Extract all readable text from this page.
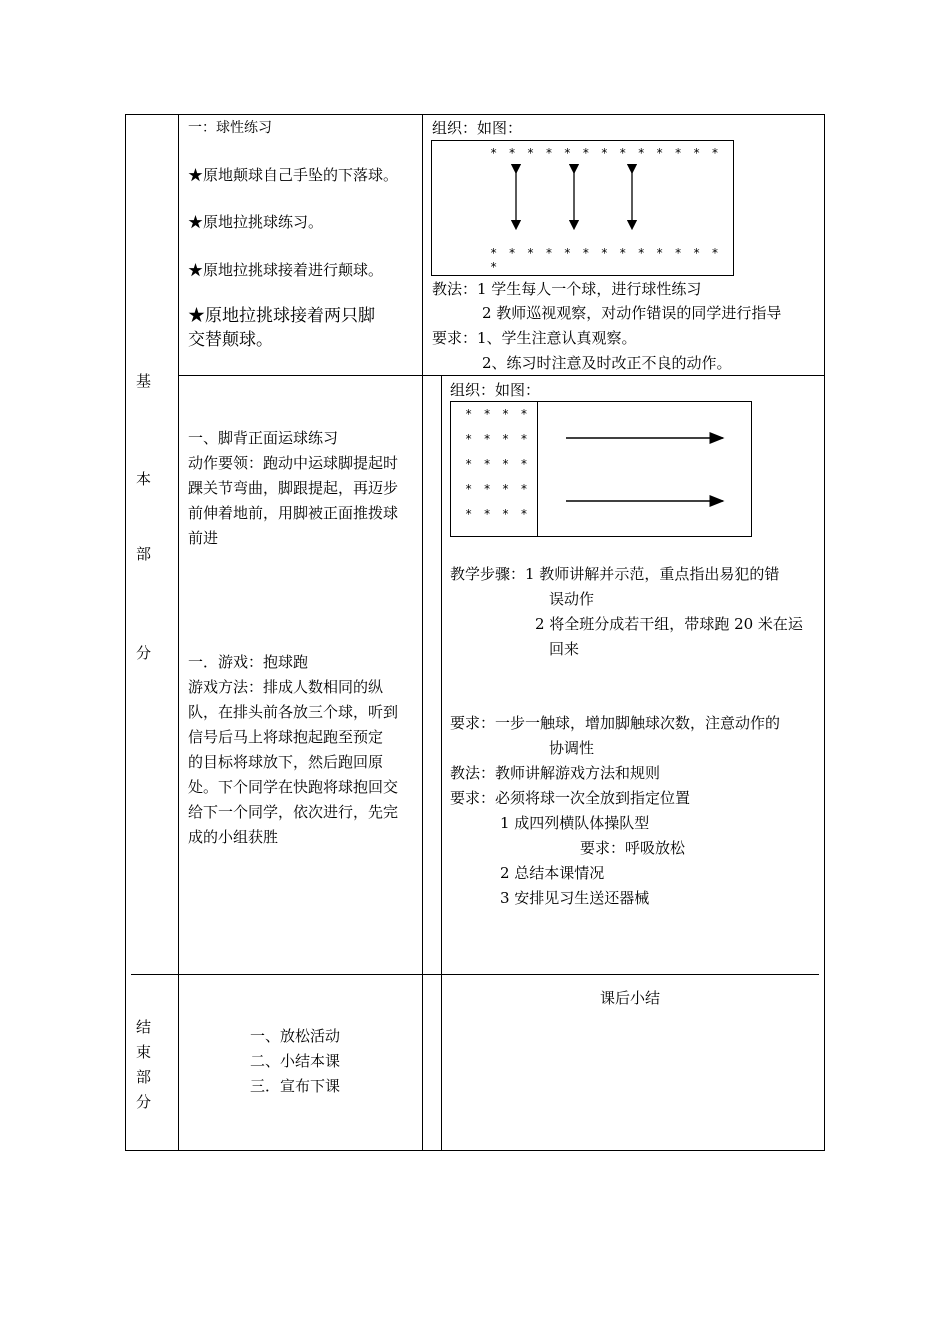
基
本
部
分
结
束
部
分
一：球性练习
★原地颠球自己手坠的下落球。
★原地拉挑球练习。
★原地拉挑球接着进行颠球。
★原地拉挑球接着两只脚
交替颠球。
组织：如图：
* * * * * * * * * * * * *
* * * * * * * * * * * * * *
教法：1 学生每人一个球，进行球性练习
2 教师巡视观察，对动作错误的同学进行指导
要求：1、学生注意认真观察。
2、练习时注意及时改正不良的动作。
一、脚背正面运球练习
动作要领：跑动中运球脚提起时
踝关节弯曲，脚跟提起，再迈步
前伸着地前，用脚被正面推拨球
前进
一．游戏：抱球跑
游戏方法：排成人数相同的纵
队，在排头前各放三个球，听到
信号后马上将球抱起跑至预定
的目标将球放下，然后跑回原
处。下个同学在快跑将球抱回交
给下一个同学，依次进行，先完
成的小组获胜
组织：如图：
* * * *
* * * *
* * * *
* * * *
* * * *
教学步骤：1 教师讲解并示范，重点指出易犯的错
误动作
2 将全班分成若干组，带球跑 20 米在运
回来
要求：一步一触球，增加脚触球次数，注意动作的
协调性
教法：教师讲解游戏方法和规则
要求：必须将球一次全放到指定位置
1 成四列横队体操队型
要求：呼吸放松
2 总结本课情况
3 安排见习生送还器械
一、放松活动
二、小结本课
三．宣布下课
课后小结
